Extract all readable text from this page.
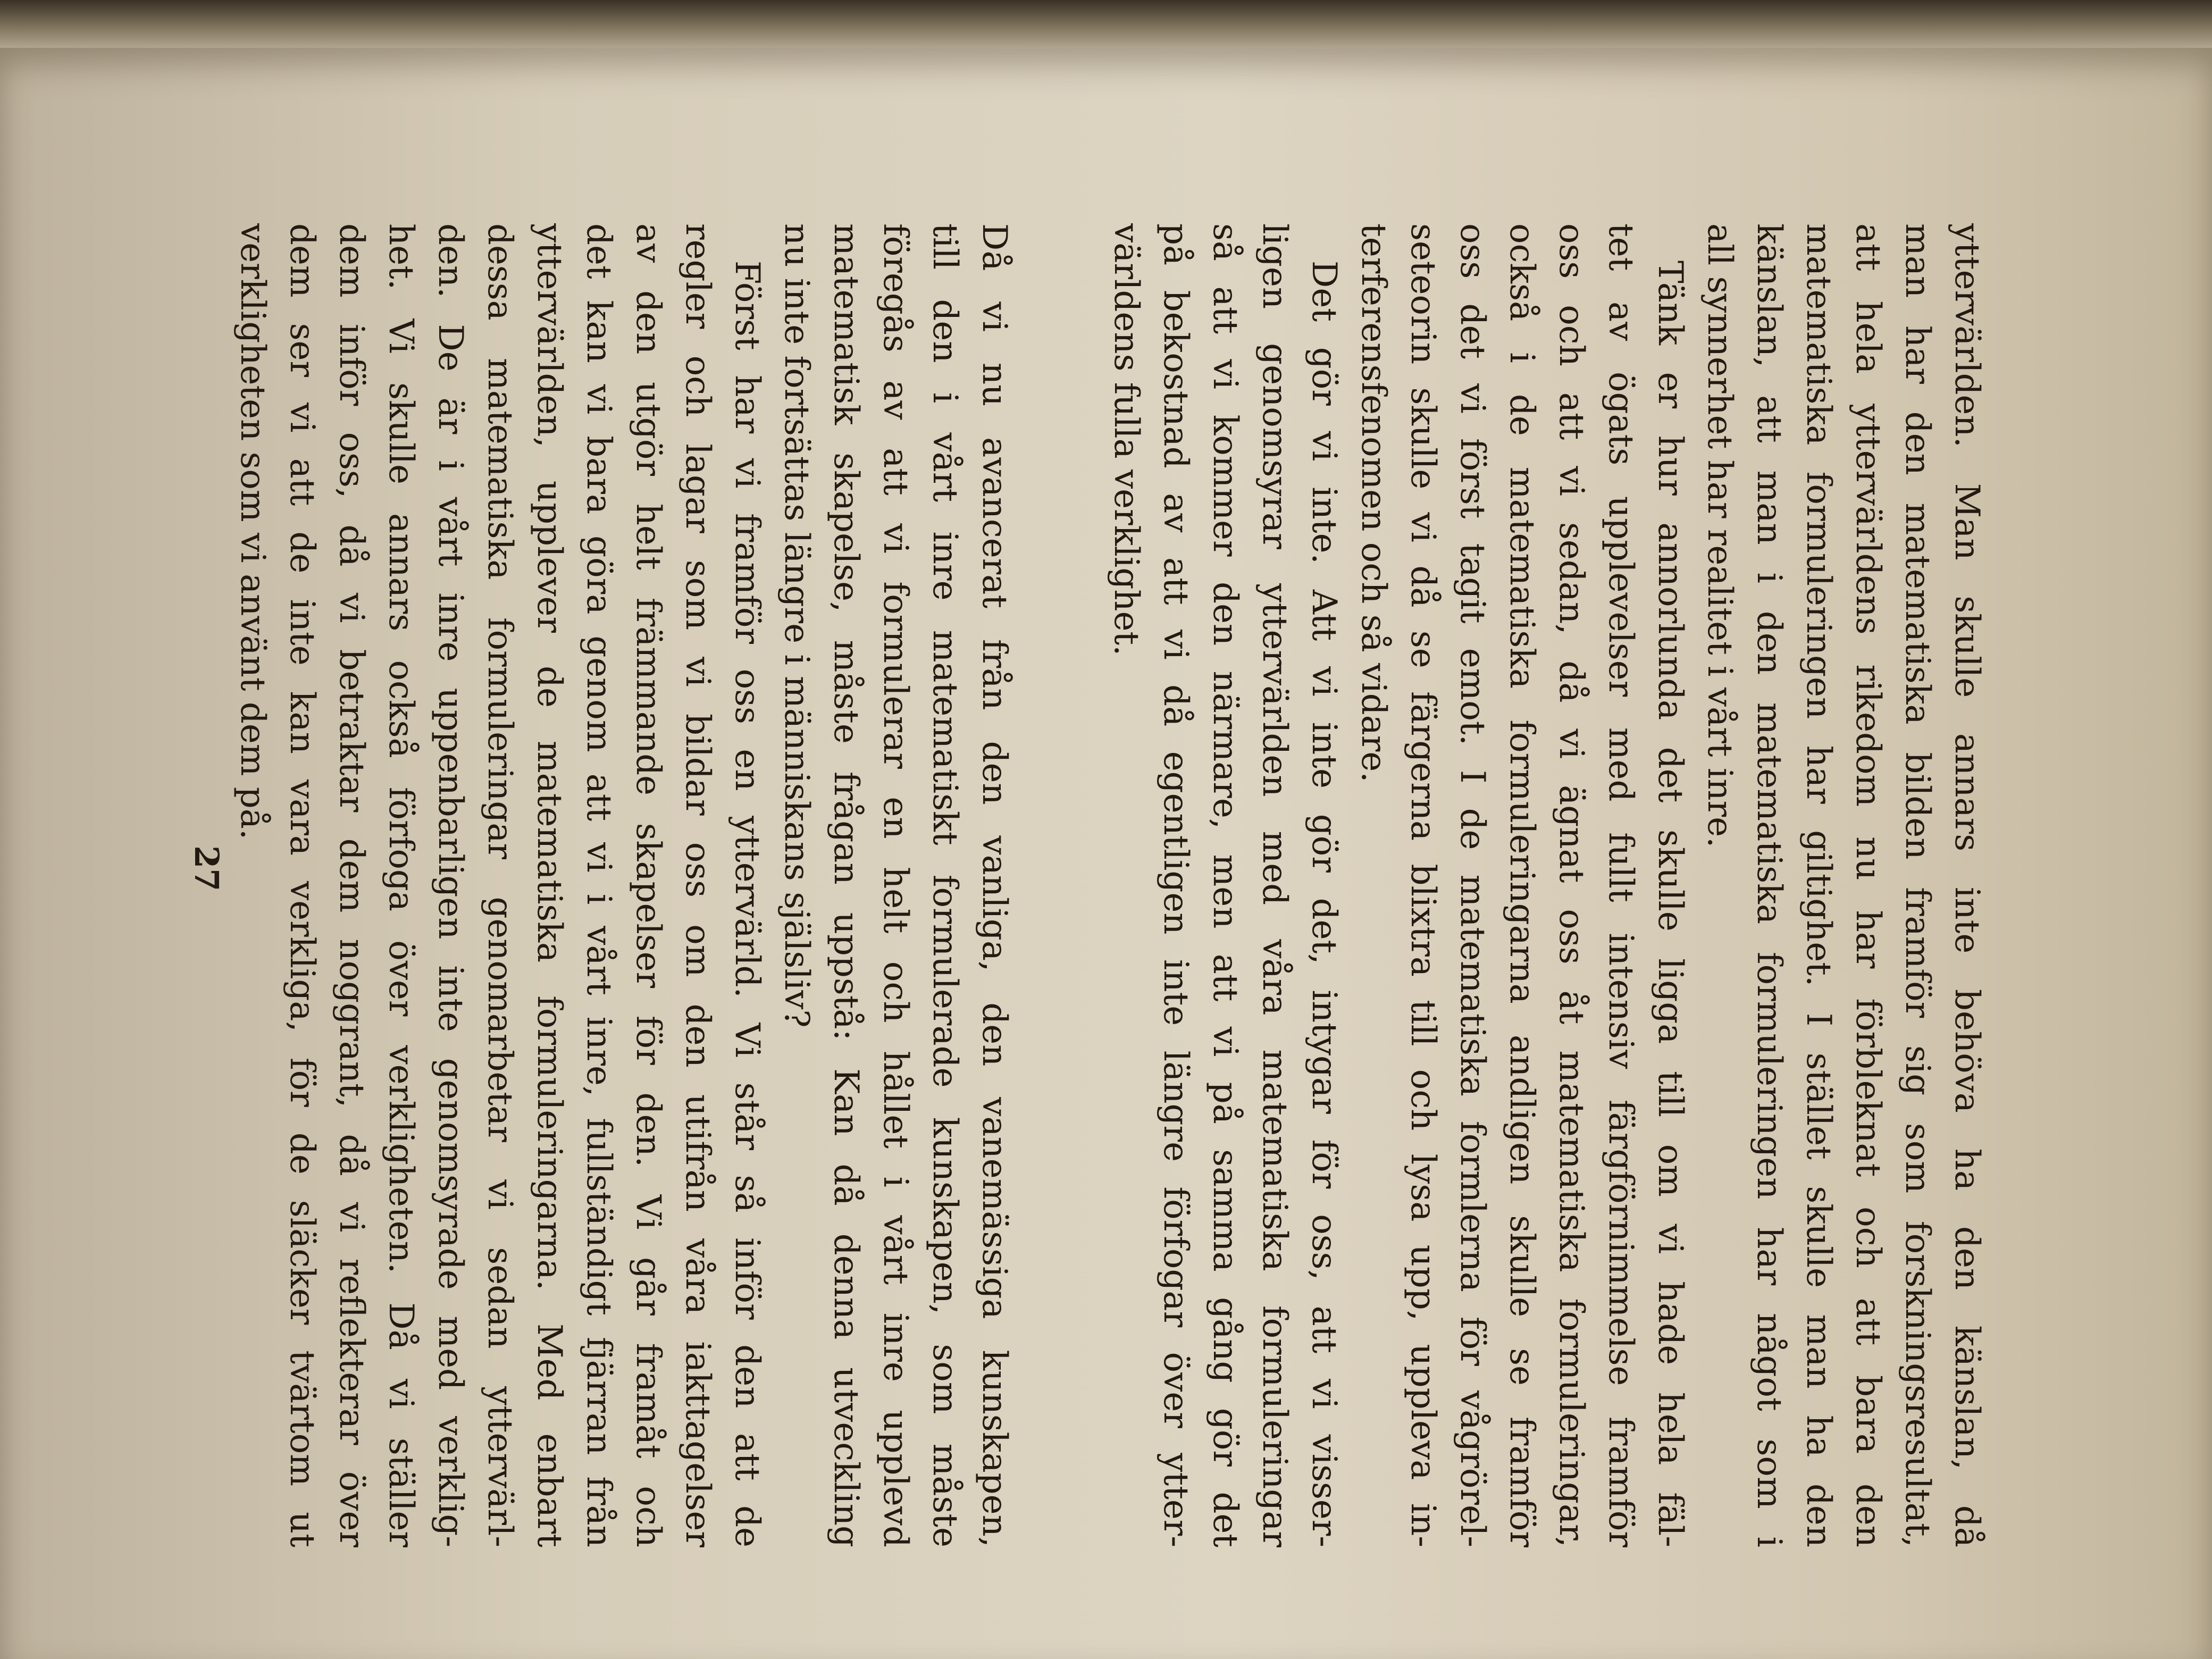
yttervärlden. Man skulle annars inte behöva ha den känslan, då
man har den matematiska bilden framför sig som forskningsresultat,
att hela yttervärldens rikedom nu har förbleknat och att bara den
matematiska formuleringen har giltighet. I stället skulle man ha den
känslan, att man i den matematiska formuleringen har något som i
all synnerhet har realitet i vårt inre.
Tänk er hur annorlunda det skulle ligga till om vi hade hela fäl-
tet av ögats upplevelser med fullt intensiv färgförnimmelse framför
oss och att vi sedan, då vi ägnat oss åt matematiska formuleringar,
också i de matematiska formuleringarna andligen skulle se framför
oss det vi först tagit emot. I de matematiska formlerna för vågrörel-
seteorin skulle vi då se färgerna blixtra till och lysa upp, uppleva in-
terferensfenomen och så vidare.
Det gör vi inte. Att vi inte gör det, intygar för oss, att vi visser-
ligen genomsyrar yttervärlden med våra matematiska formuleringar
så att vi kommer den närmare, men att vi på samma gång gör det
på bekostnad av att vi då egentligen inte längre förfogar över ytter-
världens fulla verklighet.
Då vi nu avancerat från den vanliga, den vanemässiga kunskapen,
till den i vårt inre matematiskt formulerade kunskapen, som måste
föregås av att vi formulerar en helt och hållet i vårt inre upplevd
matematisk skapelse, måste frågan uppstå: Kan då denna utveckling
nu inte fortsättas längre i människans själsliv?
Först har vi framför oss en yttervärld. Vi står så inför den att de
regler och lagar som vi bildar oss om den utifrån våra iakttagelser
av den utgör helt främmande skapelser för den. Vi går framåt och
det kan vi bara göra genom att vi i vårt inre, fullständigt fjärran från
yttervärlden, upplever de matematiska formuleringarna. Med enbart
dessa matematiska formuleringar genomarbetar vi sedan yttervärl-
den. De är i vårt inre uppenbarligen inte genomsyrade med verklig-
het. Vi skulle annars också förfoga över verkligheten. Då vi ställer
dem inför oss, då vi betraktar dem noggrant, då vi reflekterar över
dem ser vi att de inte kan vara verkliga, för de släcker tvärtom ut
verkligheten som vi använt dem på.
27
